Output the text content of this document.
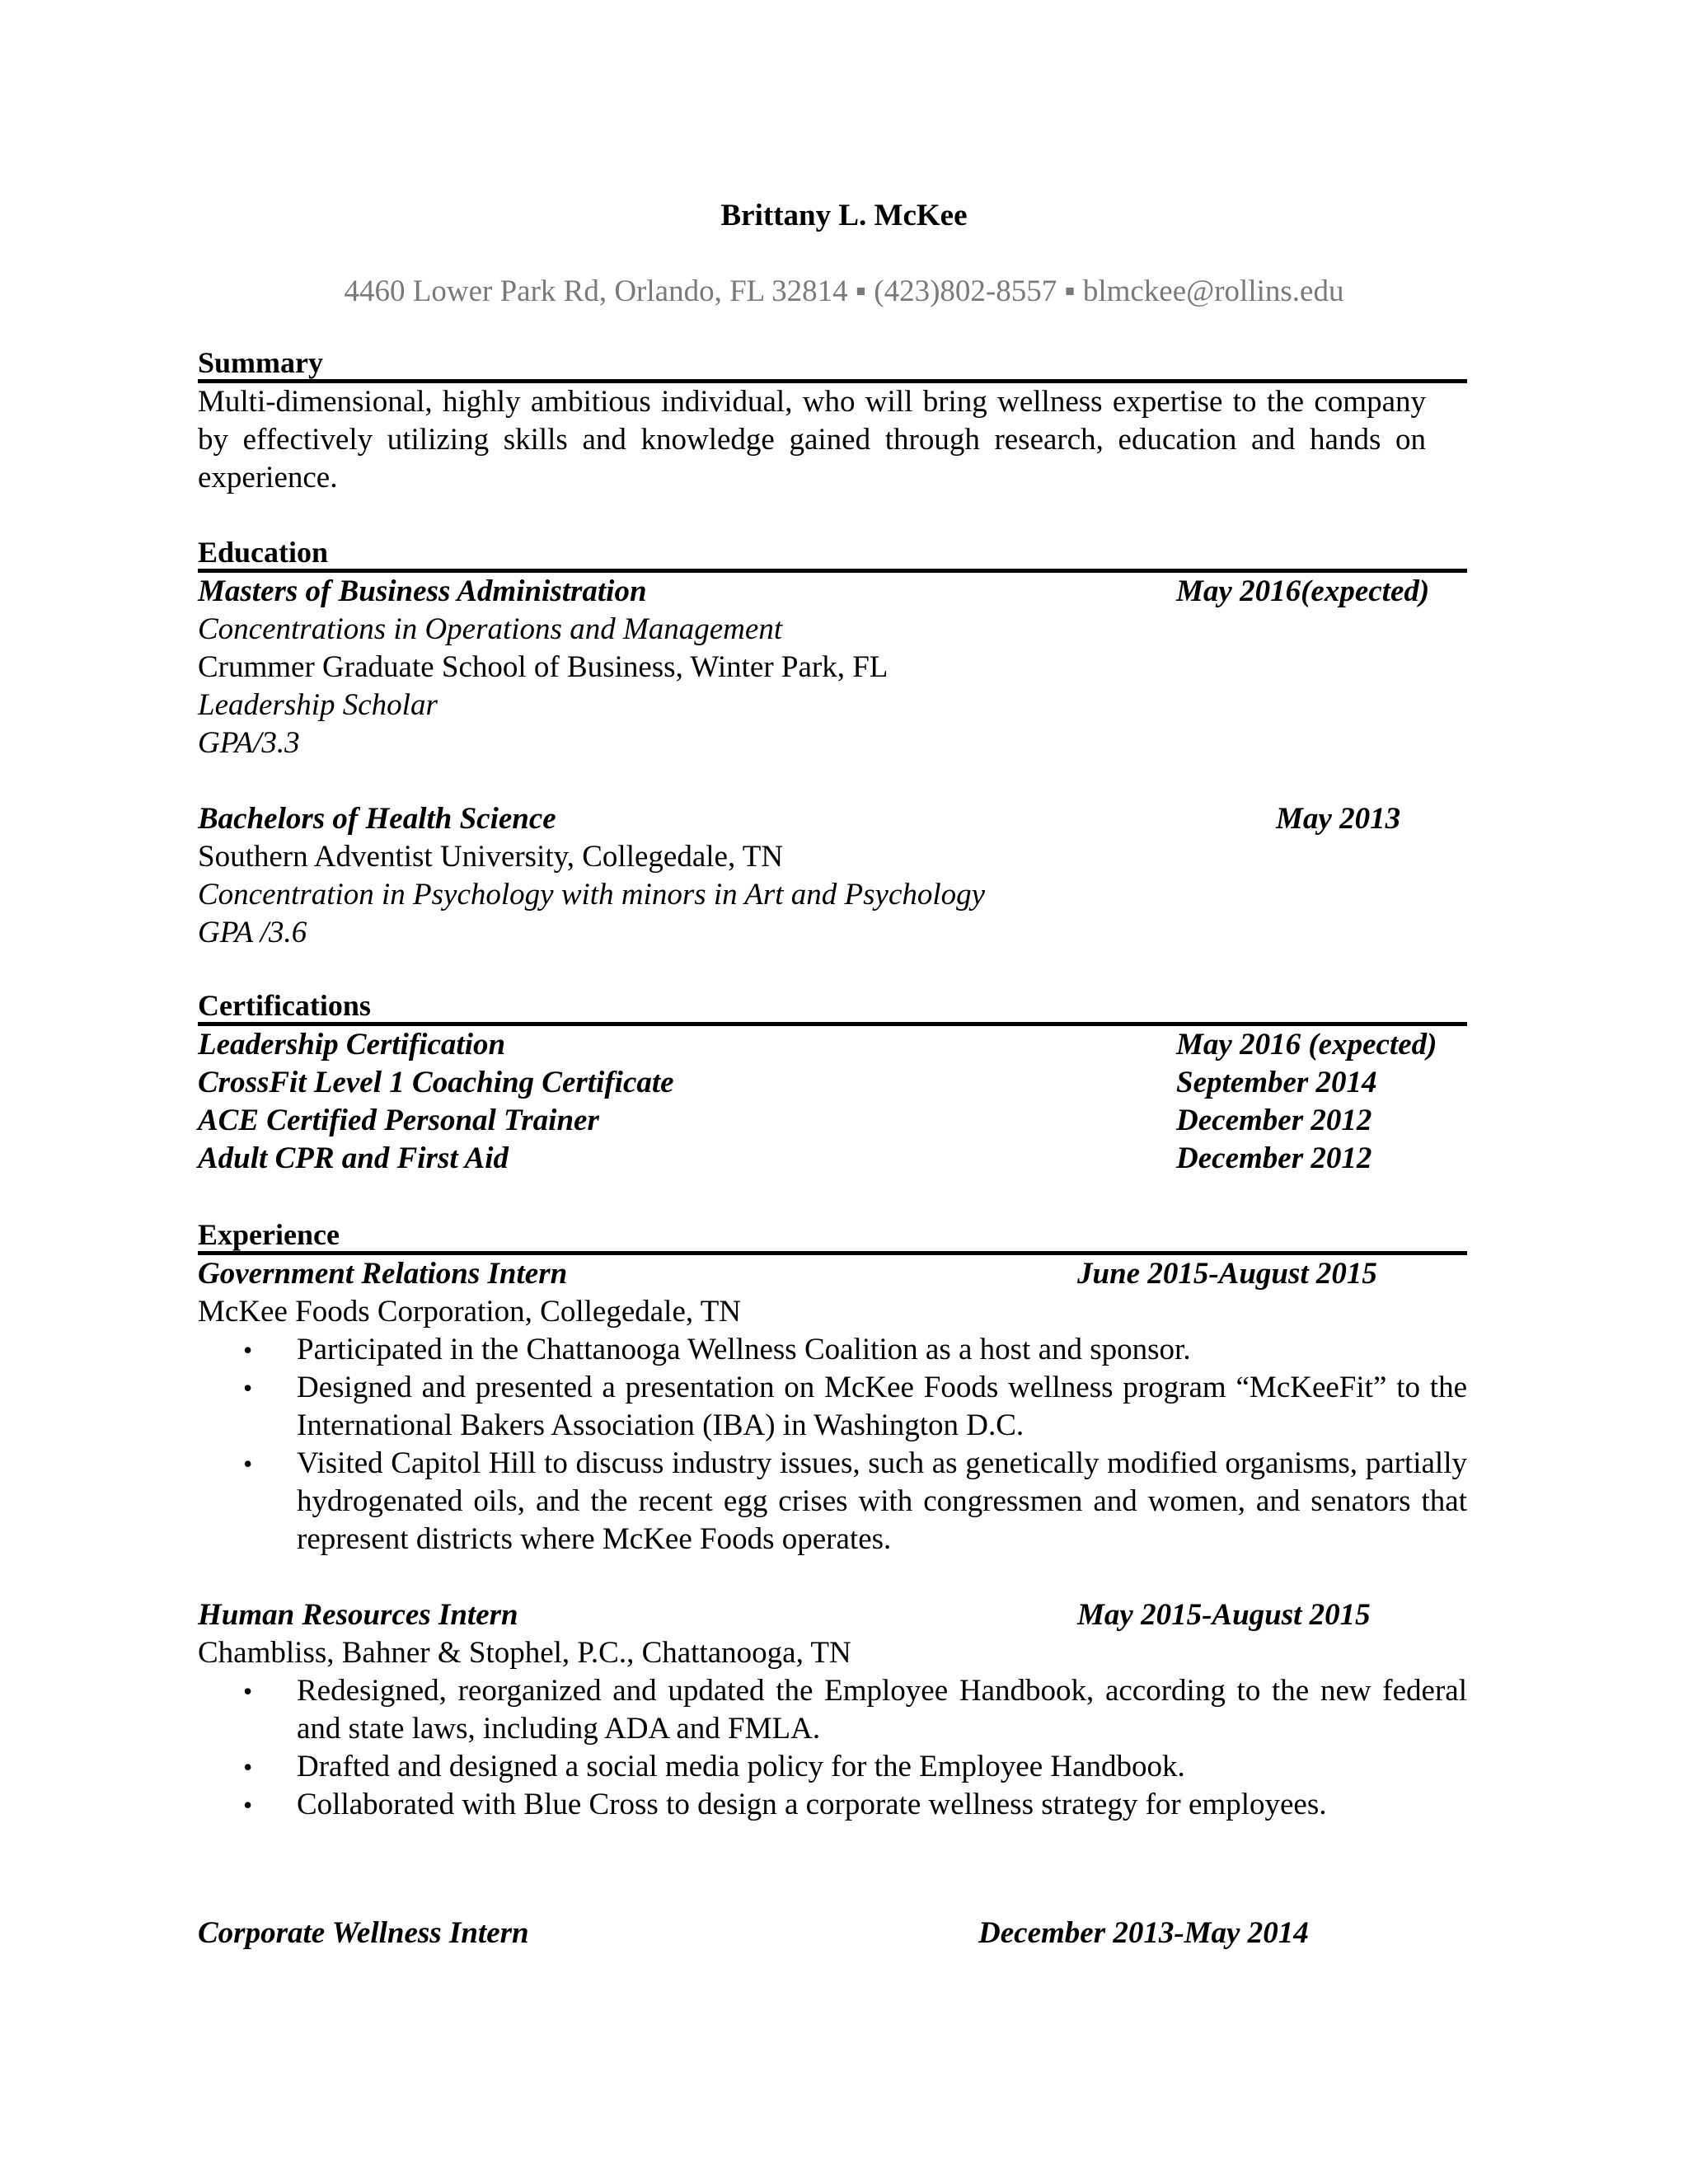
Brittany L. McKee
4460 Lower Park Rd, Orlando, FL 32814 ▪ (423)802-8557 ▪ blmckee@rollins.edu
Summary
Multi-dimensional, highly ambitious individual, who will bring wellness expertise to the company by effectively utilizing skills and knowledge gained through research, education and hands on experience.
Education
Masters of Business Administration	May 2016(expected)
Concentrations in Operations and Management
Crummer Graduate School of Business, Winter Park, FL
Leadership Scholar
GPA/3.3
Bachelors of Health Science	May 2013
Southern Adventist University, Collegedale, TN
Concentration in Psychology with minors in Art and Psychology
GPA /3.6
Certifications
Leadership Certification	May 2016 (expected)
CrossFit Level 1 Coaching Certificate	September 2014
ACE Certified Personal Trainer	December 2012
Adult CPR and First Aid	December 2012
Experience
Government Relations Intern	June 2015-August 2015
McKee Foods Corporation, Collegedale, TN
• Participated in the Chattanooga Wellness Coalition as a host and sponsor.
• Designed and presented a presentation on McKee Foods wellness program “McKeeFit” to the International Bakers Association (IBA) in Washington D.C.
• Visited Capitol Hill to discuss industry issues, such as genetically modified organisms, partially hydrogenated oils, and the recent egg crises with congressmen and women, and senators that represent districts where McKee Foods operates.
Human Resources Intern	May 2015-August 2015
Chambliss, Bahner & Stophel, P.C., Chattanooga, TN
• Redesigned, reorganized and updated the Employee Handbook, according to the new federal and state laws, including ADA and FMLA.
• Drafted and designed a social media policy for the Employee Handbook.
• Collaborated with Blue Cross to design a corporate wellness strategy for employees.
Corporate Wellness Intern	December 2013-May 2014
